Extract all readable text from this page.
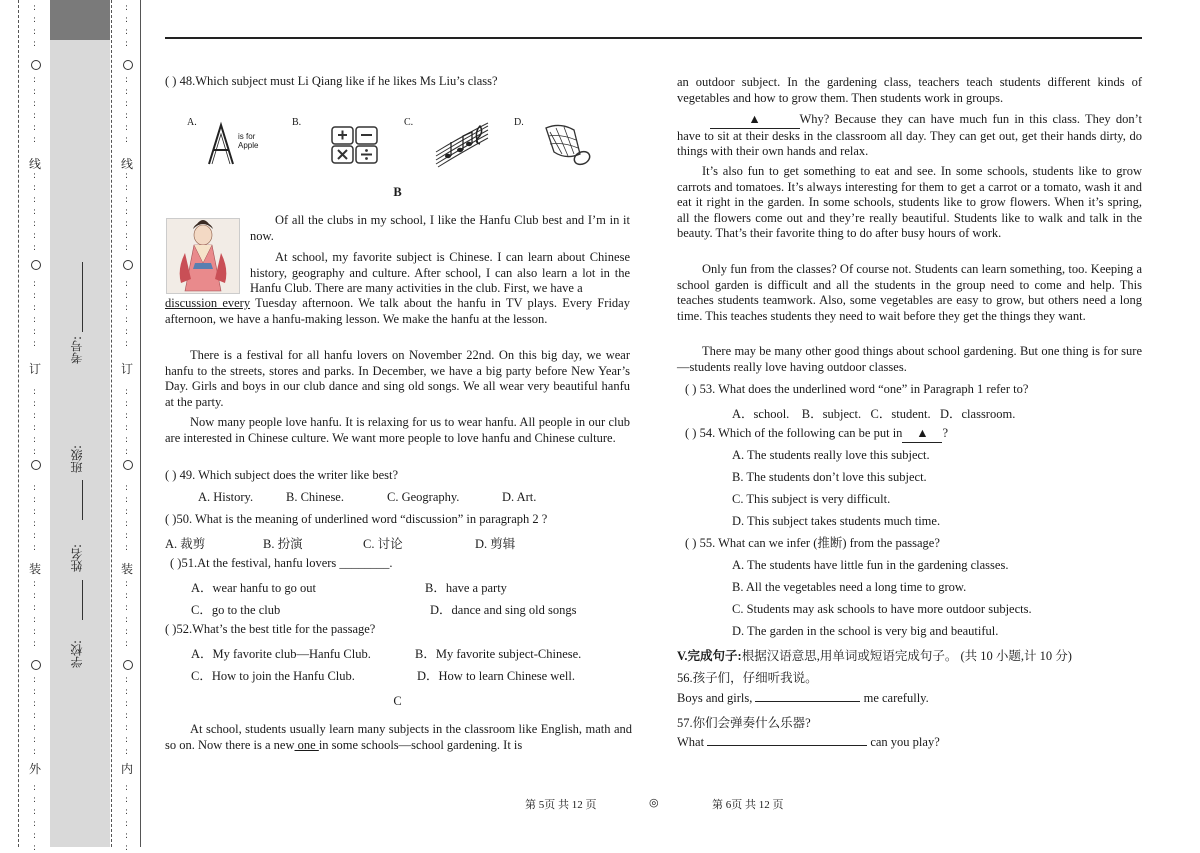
线
订
装
外
线
订
装
内
考号:
班级:
姓名:
学校:

( ) 48.Which subject must Li Qiang like if he likes Ms Liu’s class?

A.
is for Apple
B.	C.	D.
B

Of all the clubs in my school, I like the Hanfu Club best and I’m in it now.

At school, my favorite subject is Chinese. I can learn about Chinese history, geography and culture. After school, I can also learn a lot in the Hanfu Club. There are many activities in the club. First, we have a

discussion every Tuesday afternoon. We talk about the hanfu in TV plays. Every Friday afternoon, we have a hanfu-making lesson. We make the hanfu at the lesson.

There is a festival for all hanfu lovers on November 22nd. On this big day, we wear hanfu to the streets, stores and parks. In December, we have a big party before New Year’s Day. Girls and boys in our club dance and sing old songs. We all wear very beautiful hanfu at the party.

Now many people love hanfu. It is relaxing for us to wear hanfu. All people in our club are interested in Chinese culture. We want more people to love hanfu and Chinese culture.

( ) 49. Which subject does the writer like best?

A. History.	B. Chinese.	C. Geography.	D. Art.

( )50. What is the meaning of underlined word “discussion” in paragraph 2 ?

A. 裁剪	B. 扮演	C. 讨论	D. 剪辑

( )51.At the festival, hanfu lovers ________.

A．wear hanfu to go out	B．have a party
C．go to the club	D．dance and sing old songs

( )52.What’s the best title for the passage?

A．My favorite club—Hanfu Club.	B．My favorite subject-Chinese.
C．How to join the Hanfu Club.	D．How to learn Chinese well.
C

At school, students usually learn many subjects in the classroom like English, math and so on. Now there is a new one in some schools—school gardening. It is

an outdoor subject. In the gardening class, teachers teach students different kinds of vegetables and how to grow them. Then students work in groups.

▲	Why? Because they can have much fun in this class. They don’t have to sit at their desks in the classroom all day. They can get out, get their hands dirty, do things with their own hands and relax.

It’s also fun to get something to eat and see. In some schools, students like to grow carrots and tomatoes. It’s always interesting for them to get a carrot or a tomato, wash it and eat it right in the garden. In some schools, students like to grow flowers. When it’s spring, all the flowers come out and they’re really beautiful. Students like to walk and talk in the beauty. That’s their favorite thing to do after busy hours of work.

Only fun from the classes? Of course not. Students can learn something, too. Keeping a school garden is difficult and all the students in the group need to come and help. This teaches students teamwork. Also, some vegetables are easy to grow, but others need a long time. This teaches students they need to wait before they get the things they want.

There may be many other good things about school gardening. But one thing is for sure—students really love having outdoor classes.

( ) 53. What does the underlined word “one” in Paragraph 1 refer to?

A．school.    B．subject.   C．student.   D．classroom.

( ) 54. Which of the following can be put in ▲ ?

A. The students really love this subject.
B. The students don’t love this subject.
C. This subject is very difficult.
D. This subject takes students much time.

( ) 55. What can we infer (推断) from the passage?

A. The students have little fun in the gardening classes.
B. All the vegetables need a long time to grow.
C. Students may ask schools to have more outdoor subjects.
D. The garden in the school is very big and beautiful.
V.完成句子:根据汉语意思,用单词或短语完成句子。 (共 10 小题,计 10 分)
56.孩子们，仔细听我说。
Boys and girls,	me carefully.
57.你们会弹奏什么乐器?
What	can you play?
第 5页 共 12 页	◎	第 6页 共 12 页
:
:
:
:
:
:
:
:
:
:
:
:
:
:
:
:
:
:
:
:
:
:
:
:
:
:
:
:
:
:
:
:
:
:
:
:
:
:
:
:
:
:
:
:
:
:
:
:
:
:
:
:
:
:
:
:
:
:
:
:
:
:
:
:
:
:
:
:
:
:
:
:
:
:
:
:
:
:
:
:
:
:
:
:
:
:
:
:
:
:
:
:
:
:
:
:
:
:
:
:
:
:
:
:
:
:
:
:
